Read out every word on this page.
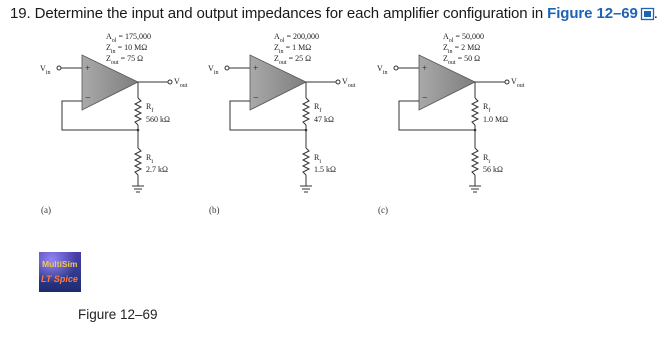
19. Determine the input and output impedances for each amplifier configuration in Figure 12–69 .
$A_{ol} = 175,000$
$Z_{in} = 10$ MΩ
$Z_{out} = 75$ Ω
$V_{in}$	+
−
$V_{out}$
$R_f$
560 kΩ
$R_i$
2.7 kΩ
$A_{ol} = 200,000$
$Z_{in} = 1$ MΩ
$Z_{out} = 25$ Ω
$V_{in}$	+
−
$V_{out}$
$R_f$
47 kΩ
$R_i$
1.5 kΩ
$A_{ol} = 50,000$
$Z_{in} = 2$ MΩ
$Z_{out} = 50$ Ω
$V_{in}$	+
−
$V_{out}$
$R_f$
1.0 MΩ
$R_i$
56 kΩ
(a)	(b)	(c)
MultiSim
LT Spice
Figure 12–69
